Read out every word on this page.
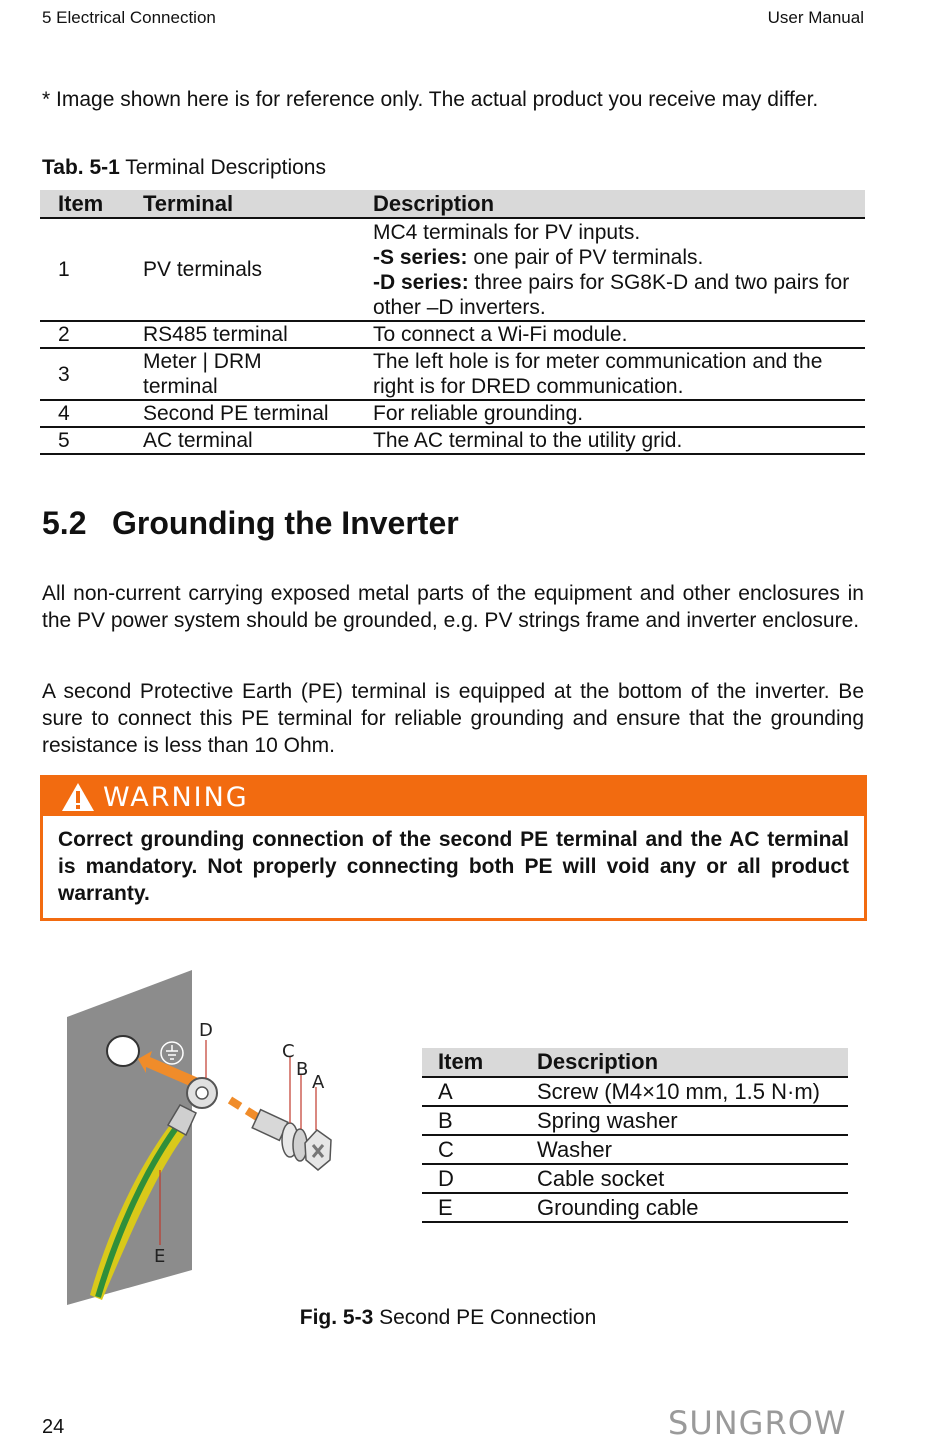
5 Electrical Connection	User Manual
* Image shown here is for reference only. The actual product you receive may differ.
Tab. 5-1 Terminal Descriptions
Item	Terminal	Description
1	PV terminals	MC4 terminals for PV inputs.
-S series: one pair of PV terminals.
-D series: three pairs for SG8K-D and two pairs for other –D inverters.

2	RS485 terminal	To connect a Wi-Fi module.
3	Meter | DRM terminal	The left hole is for meter communication and the right is for DRED communication.
4	Second PE terminal	For reliable grounding.
5	AC terminal	The AC terminal to the utility grid.
5.2 Grounding the Inverter
All non-current carrying exposed metal parts of the equipment and other enclosures in the PV power system should be grounded, e.g. PV strings frame and inverter enclosure.
A second Protective Earth (PE) terminal is equipped at the bottom of the inverter. Be sure to connect this PE terminal for reliable grounding and ensure that the grounding resistance is less than 10 Ohm.
WARNING
Correct grounding connection of the second PE terminal and the AC terminal is mandatory. Not properly connecting both PE will void any or all product warranty.
D
C
B
A
E
Item	Description
A	Screw (M4×10 mm, 1.5 N·m)
B	Spring washer
C	Washer
D	Cable socket
E	Grounding cable
Fig. 5-3 Second PE Connection
24	SUNGROW
